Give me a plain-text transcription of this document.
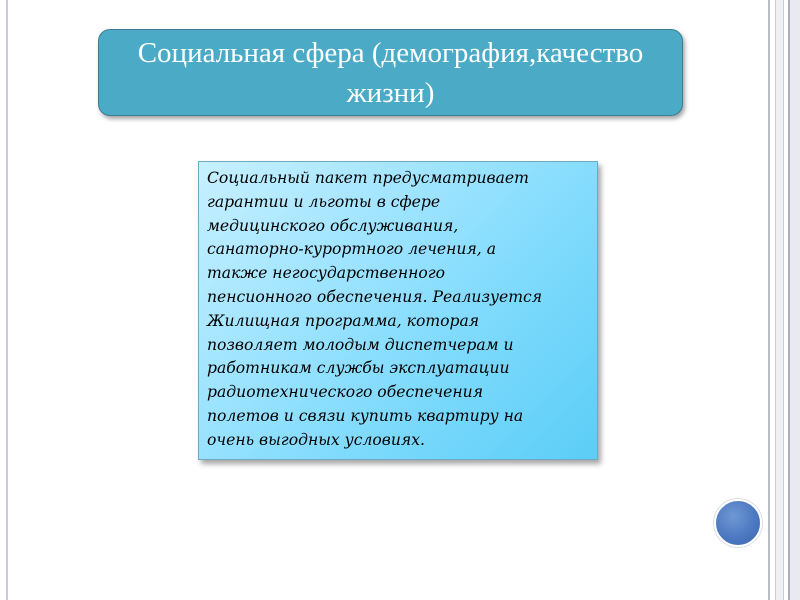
Социальная сфера (демография,качество жизни)
Социальный пакет предусматривает
гарантии и льготы в сфере
медицинского обслуживания,
санаторно-курортного лечения, а
также негосударственного
пенсионного обеспечения. Реализуется
Жилищная программа, которая
позволяет молодым диспетчерам и
работникам службы эксплуатации
радиотехнического обеспечения
полетов и связи купить квартиру на
очень выгодных условиях.
